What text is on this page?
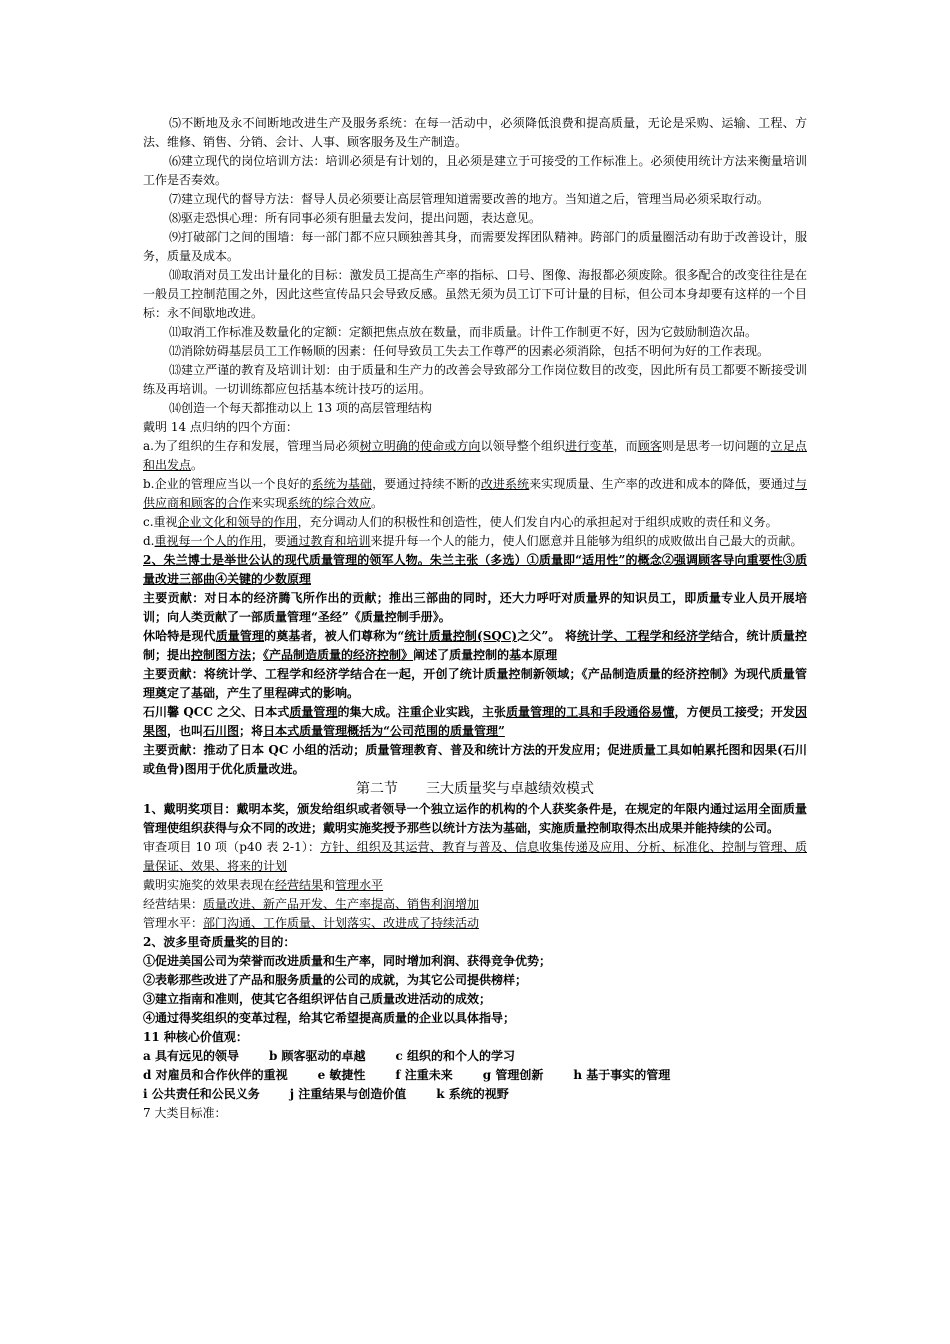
⑸不断地及永不间断地改进生产及服务系统：在每一活动中，必须降低浪费和提高质量，无论是采购、运输、工程、方法、维修、销售、分销、会计、人事、顾客服务及生产制造。

⑹建立现代的岗位培训方法：培训必须是有计划的，且必须是建立于可接受的工作标准上。必须使用统计方法来衡量培训工作是否奏效。

⑺建立现代的督导方法：督导人员必须要让高层管理知道需要改善的地方。当知道之后，管理当局必须采取行动。

⑻驱走恐惧心理：所有同事必须有胆量去发问，提出问题，表达意见。

⑼打破部门之间的围墙：每一部门都不应只顾独善其身，而需要发挥团队精神。跨部门的质量圈活动有助于改善设计，服务，质量及成本。

⑽取消对员工发出计量化的目标：激发员工提高生产率的指标、口号、图像、海报都必须废除。很多配合的改变往往是在一般员工控制范围之外，因此这些宣传品只会导致反感。虽然无须为员工订下可计量的目标，但公司本身却要有这样的一个目标：永不间歇地改进。

⑾取消工作标准及数量化的定额：定额把焦点放在数量，而非质量。计件工作制更不好，因为它鼓励制造次品。

⑿消除妨碍基层员工工作畅顺的因素：任何导致员工失去工作尊严的因素必须消除，包括不明何为好的工作表现。

⒀建立严谨的教育及培训计划：由于质量和生产力的改善会导致部分工作岗位数目的改变，因此所有员工都要不断接受训练及再培训。一切训练都应包括基本统计技巧的运用。

⒁创造一个每天都推动以上 13 项的高层管理结构

戴明 14 点归纳的四个方面：

a.为了组织的生存和发展，管理当局必须树立明确的使命或方向以领导整个组织进行变革，而顾客则是思考一切问题的立足点和出发点。

b.企业的管理应当以一个良好的系统为基础，要通过持续不断的改进系统来实现质量、生产率的改进和成本的降低，要通过与供应商和顾客的合作来实现系统的综合效应。

c.重视企业文化和领导的作用，充分调动人们的积极性和创造性，使人们发自内心的承担起对于组织成败的责任和义务。

d.重视每一个人的作用，要通过教育和培训来提升每一个人的能力，使人们愿意并且能够为组织的成败做出自己最大的贡献。

2、朱兰博士是举世公认的现代质量管理的领军人物。朱兰主张（多选）①质量即“适用性”的概念②强调顾客导向重要性③质量改进三部曲④关键的少数原理

主要贡献：对日本的经济腾飞所作出的贡献；推出三部曲的同时，还大力呼吁对质量界的知识员工，即质量专业人员开展培训；向人类贡献了一部质量管理“圣经”《质量控制手册》。

休哈特是现代质量管理的奠基者，被人们尊称为“统计质量控制(SQC)之父”。 将统计学、工程学和经济学结合，统计质量控制；提出控制图方法；《产品制造质量的经济控制》阐述了质量控制的基本原理

主要贡献：将统计学、工程学和经济学结合在一起，开创了统计质量控制新领域；《产品制造质量的经济控制》为现代质量管理奠定了基础，产生了里程碑式的影响。

石川馨 QCC 之父、日本式质量管理的集大成。注重企业实践，主张质量管理的工具和手段通俗易懂，方便员工接受；开发因果图，也叫石川图；将日本式质量管理概括为“公司范围的质量管理”

主要贡献：推动了日本 QC 小组的活动；质量管理教育、普及和统计方法的开发应用；促进质量工具如帕累托图和因果(石川或鱼骨)图用于优化质量改进。

第二节 三大质量奖与卓越绩效模式

1、戴明奖项目：戴明本奖，颁发给组织或者领导一个独立运作的机构的个人获奖条件是，在规定的年限内通过运用全面质量管理使组织获得与众不同的改进；戴明实施奖授予那些以统计方法为基础，实施质量控制取得杰出成果并能持续的公司。

审查项目 10 项（p40 表 2-1）：方针、组织及其运营、教育与普及、信息收集传递及应用、分析、标准化、控制与管理、质量保证、效果、将来的计划

戴明实施奖的效果表现在经营结果和管理水平

经营结果：质量改进、新产品开发、生产率提高、销售利润增加

管理水平：部门沟通、工作质量、计划落实、改进成了持续活动

2、波多里奇质量奖的目的：

①促进美国公司为荣誉而改进质量和生产率，同时增加利润、获得竞争优势；

②表彰那些改进了产品和服务质量的公司的成就，为其它公司提供榜样；

③建立指南和准则，使其它各组织评估自己质量改进活动的成效；

④通过得奖组织的变革过程，给其它希望提高质量的企业以具体指导；

11 种核心价值观：

a 具有远见的领导	b 顾客驱动的卓越	c 组织的和个人的学习
d 对雇员和合作伙伴的重视	e 敏捷性	f 注重未来	g 管理创新	h 基于事实的管理
i 公共责任和公民义务	j 注重结果与创造价值	k 系统的视野

7 大类目标准：
